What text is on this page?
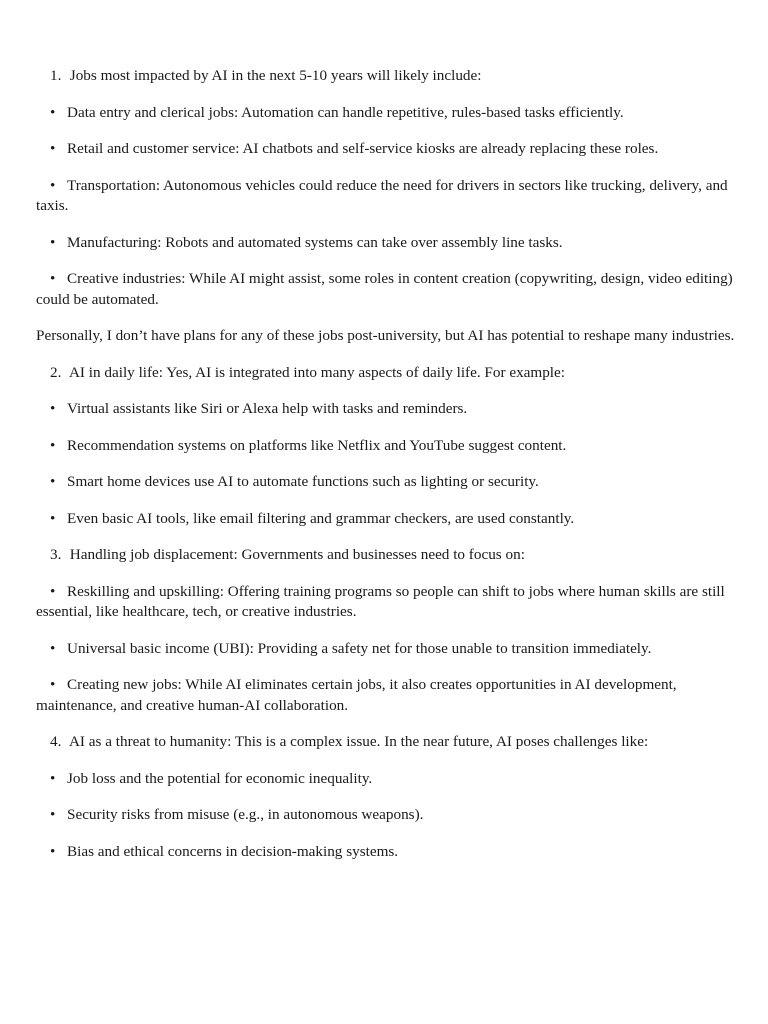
1. Jobs most impacted by AI in the next 5-10 years will likely include:

• Data entry and clerical jobs: Automation can handle repetitive, rules-based tasks efficiently.

• Retail and customer service: AI chatbots and self-service kiosks are already replacing these roles.

• Transportation: Autonomous vehicles could reduce the need for drivers in sectors like trucking, delivery, and taxis.

• Manufacturing: Robots and automated systems can take over assembly line tasks.

• Creative industries: While AI might assist, some roles in content creation (copywriting, design, video editing) could be automated.

Personally, I don’t have plans for any of these jobs post-university, but AI has potential to reshape many industries.

2. AI in daily life: Yes, AI is integrated into many aspects of daily life. For example:

• Virtual assistants like Siri or Alexa help with tasks and reminders.

• Recommendation systems on platforms like Netflix and YouTube suggest content.

• Smart home devices use AI to automate functions such as lighting or security.

• Even basic AI tools, like email filtering and grammar checkers, are used constantly.

3. Handling job displacement: Governments and businesses need to focus on:

• Reskilling and upskilling: Offering training programs so people can shift to jobs where human skills are still essential, like healthcare, tech, or creative industries.

• Universal basic income (UBI): Providing a safety net for those unable to transition immediately.

• Creating new jobs: While AI eliminates certain jobs, it also creates opportunities in AI development, maintenance, and creative human-AI collaboration.

4. AI as a threat to humanity: This is a complex issue. In the near future, AI poses challenges like:

• Job loss and the potential for economic inequality.

• Security risks from misuse (e.g., in autonomous weapons).

• Bias and ethical concerns in decision-making systems.
